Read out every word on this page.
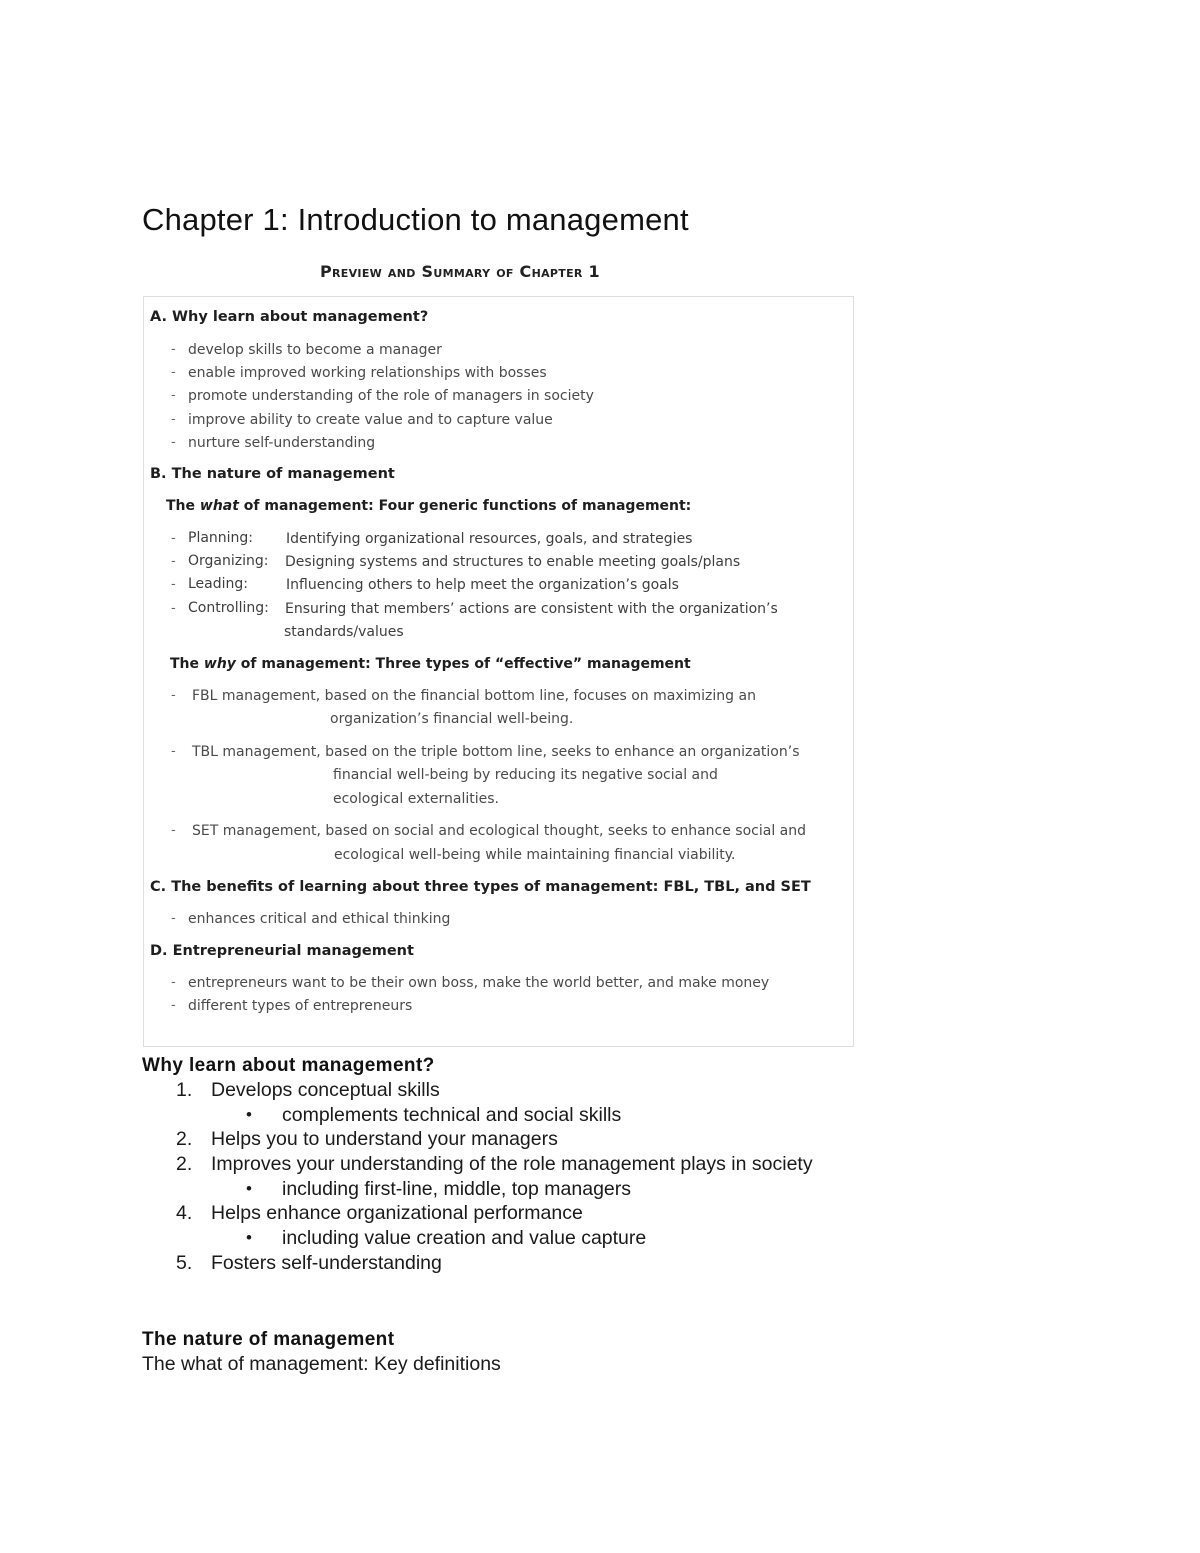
Chapter 1: Introduction to management
Preview and Summary of Chapter 1
A. Why learn about management?
- develop skills to become a manager
- enable improved working relationships with bosses
- promote understanding of the role of managers in society
- improve ability to create value and to capture value
- nurture self-understanding
B. The nature of management
The what of management: Four generic functions of management:
- Planning: Identifying organizational resources, goals, and strategies
- Organizing: Designing systems and structures to enable meeting goals/plans
- Leading:	Influencing others to help meet the organization’s goals
- Controlling: Ensuring that members’ actions are consistent with the organization’s
standards/values
The why of management: Three types of “effective” management
- FBL management, based on the financial bottom line, focuses on maximizing an
organization’s financial well-being.
- TBL management, based on the triple bottom line, seeks to enhance an organization’s
financial well-being by reducing its negative social and
ecological externalities.
- SET management, based on social and ecological thought, seeks to enhance social and
ecological well-being while maintaining financial viability.
C. The benefits of learning about three types of management: FBL, TBL, and SET
- enhances critical and ethical thinking
D. Entrepreneurial management
- entrepreneurs want to be their own boss, make the world better, and make money
- different types of entrepreneurs

Why learn about management?

1. Develops conceptual skills
• complements technical and social skills
2. Helps you to understand your managers
2. Improves your understanding of the role management plays in society
• including first-line, middle, top managers
4. Helps enhance organizational performance
• including value creation and value capture
5. Fosters self-understanding

The nature of management

The what of management: Key definitions
